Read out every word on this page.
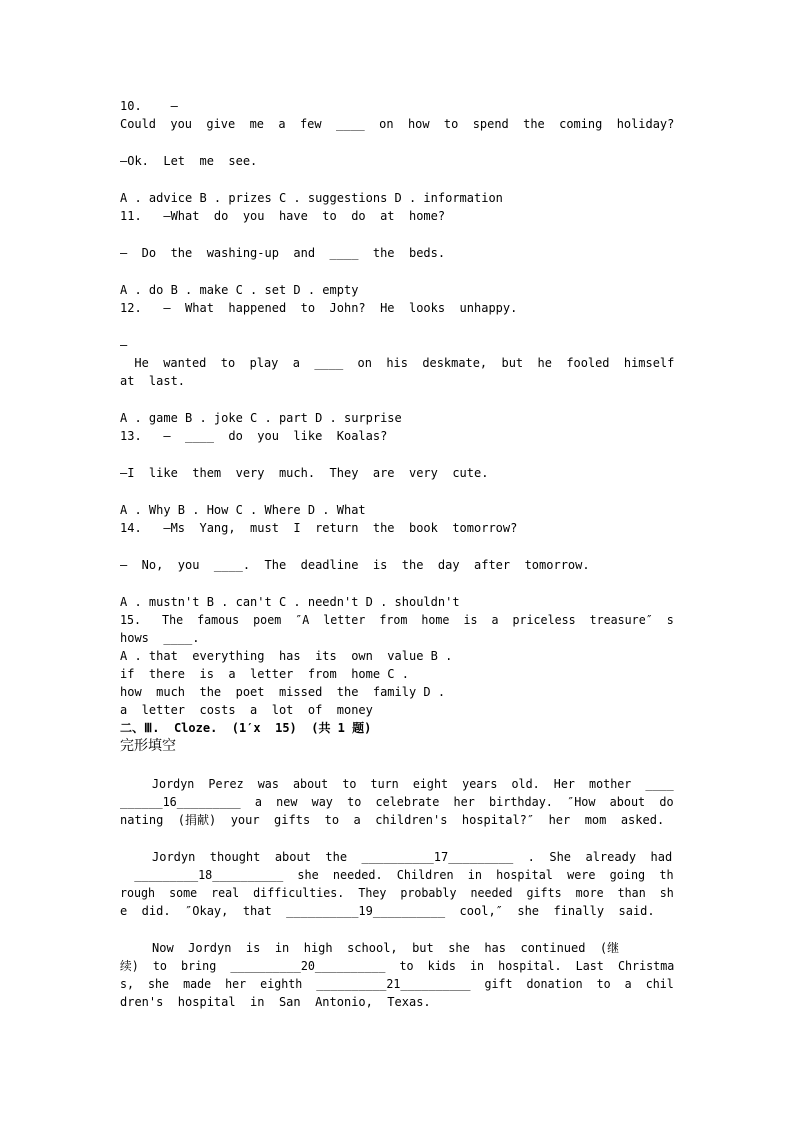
10.    —
Could  you  give  me  a  few  ____  on  how  to  spend  the  coming  holiday?
—Ok.  Let  me  see.
A . advice B . prizes C . suggestions D . information
11.   —What  do  you  have  to  do  at  home?
—  Do  the  washing-up  and  ____  the  beds.
A . do B . make C . set D . empty
12.   —  What  happened  to  John?  He  looks  unhappy.
—
He  wanted  to  play  a  ____  on  his  deskmate,  but  he  fooled  himself
at  last.
A . game B . joke C . part D . surprise
13.   —  ____  do  you  like  Koalas?
—I  like  them  very  much.  They  are  very  cute.
A . Why B . How C . Where D . What
14.   —Ms  Yang,  must  I  return  the  book  tomorrow?
—  No,  you  ____.  The  deadline  is  the  day  after  tomorrow.
A . mustn't B . can't C . needn't D . shouldn't
15.   The  famous  poem  ″A  letter  from  home  is  a  priceless  treasure″  s
hows  ____.
A . that  everything  has  its  own  value B .
if  there  is  a  letter  from  home C .
how  much  the  poet  missed  the  family D .
a  letter  costs  a  lot  of  money
二、Ⅲ.  Cloze.  (1′x  15)  (共 1 题)
完形填空
Jordyn  Perez  was  about  to  turn  eight  years  old.  Her  mother  ____
______16_________  a  new  way  to  celebrate  her  birthday.  ″How  about  do
nating  (捐献)  your  gifts  to  a  children's  hospital?″  her  mom  asked.
Jordyn  thought  about  the  __________17_________  .  She  already  had
_________18__________  she  needed.  Children  in  hospital  were  going  th
rough  some  real  difficulties.  They  probably  needed  gifts  more  than  sh
e  did.  ″Okay,  that  __________19__________  cool,″  she  finally  said.
Now  Jordyn  is  in  high  school,  but  she  has  continued  (继
续)  to  bring  __________20__________  to  kids  in  hospital.  Last  Christma
s,  she  made  her  eighth  __________21__________  gift  donation  to  a  chil
dren's  hospital  in  San  Antonio,  Texas.
